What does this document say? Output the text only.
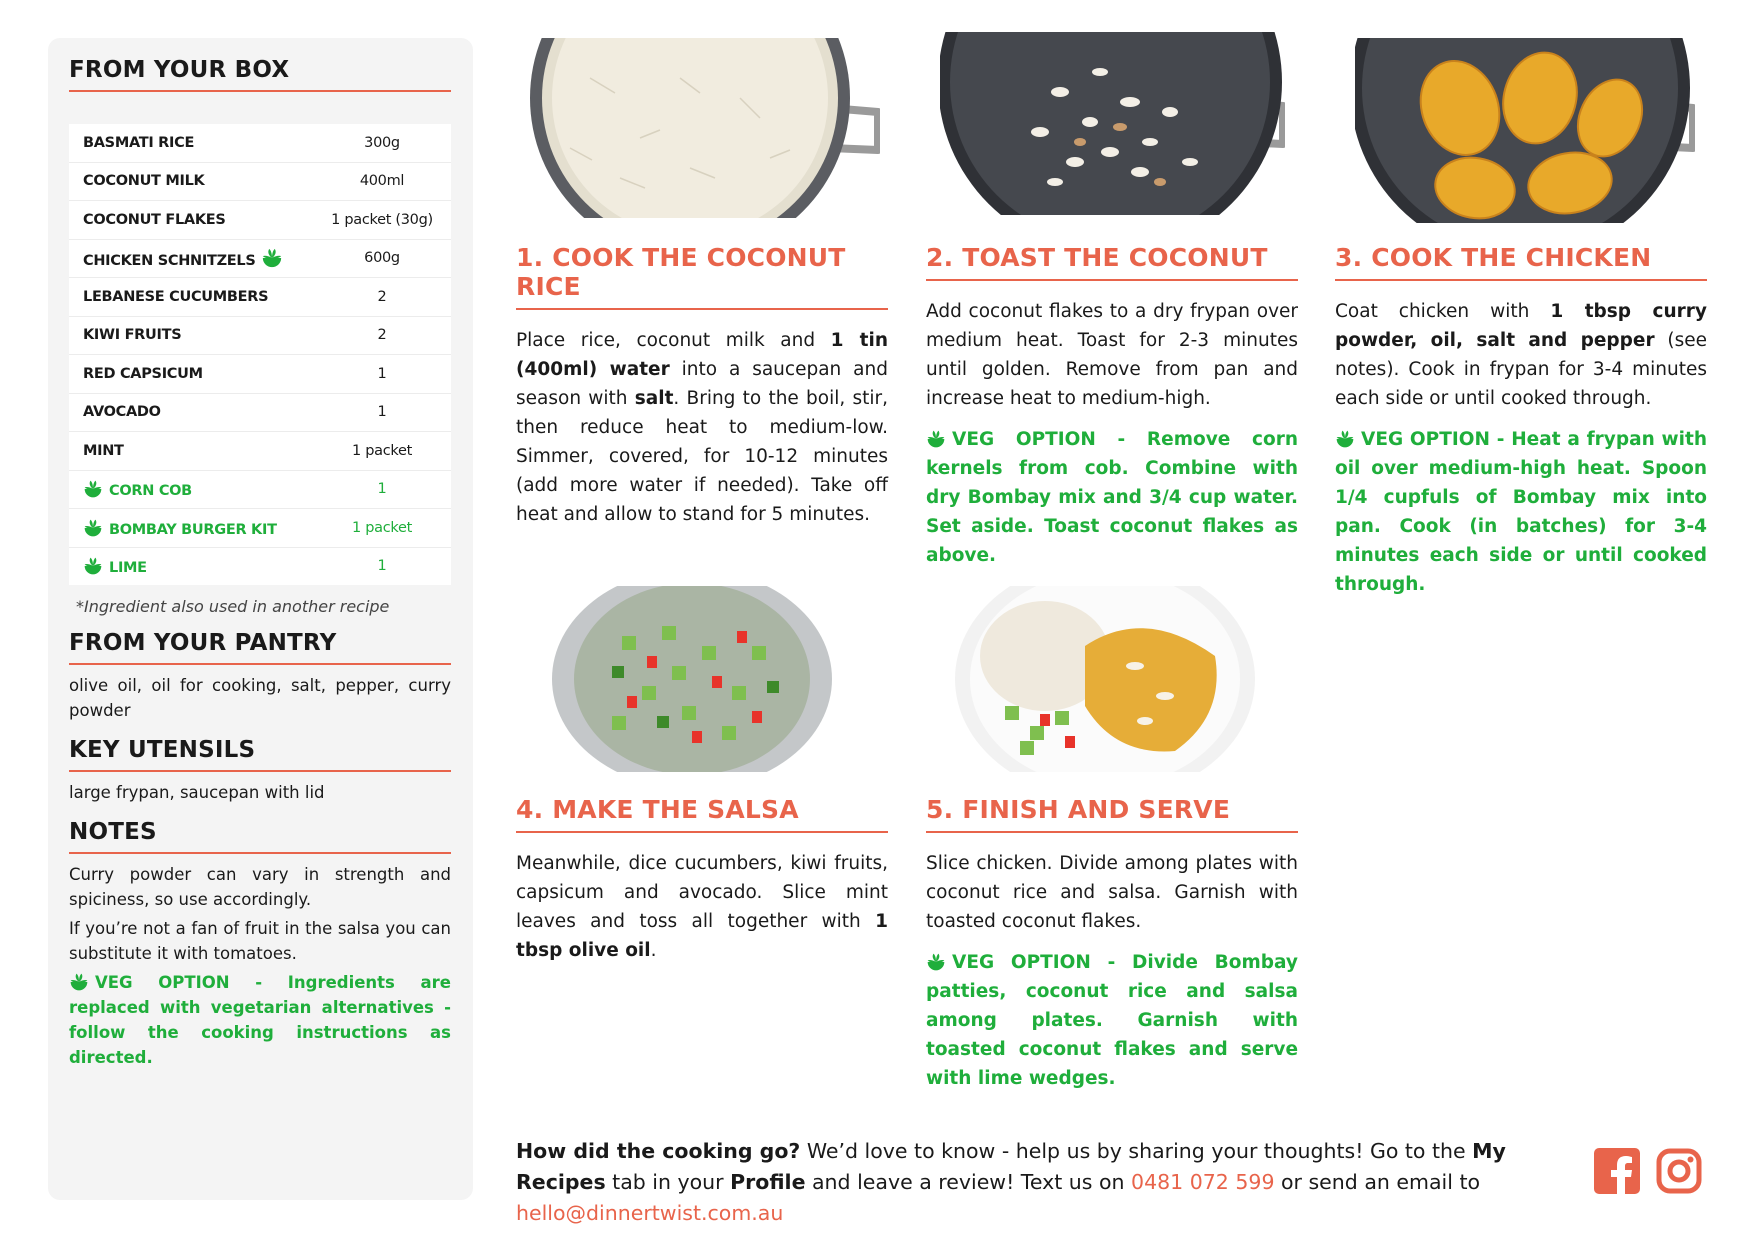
FROM YOUR BOX
BASMATI RICE	300g
COCONUT MILK	400ml
COCONUT FLAKES	1 packet (30g)
CHICKEN SCHNITZELS	600g
LEBANESE CUCUMBERS	2
KIWI FRUITS	2
RED CAPSICUM	1
AVOCADO	1
MINT	1 packet
CORN COB	1
BOMBAY BURGER KIT	1 packet
LIME	1
*Ingredient also used in another recipe
FROM YOUR PANTRY
olive oil, oil for cooking, salt, pepper, curry powder
KEY UTENSILS
large frypan, saucepan with lid
NOTES

Curry powder can vary in strength and spiciness, so use accordingly.

If you’re not a fan of fruit in the salsa you can substitute it with tomatoes.

VEG OPTION - Ingredients are replaced with vegetarian alternatives - follow the cooking instructions as directed.

1. COOK THE COCONUT RICE
Place rice, coconut milk and 1 tin (400ml) water into a saucepan and season with salt. Bring to the boil, stir, then reduce heat to medium-low. Simmer, covered, for 10-12 minutes (add more water if needed). Take off heat and allow to stand for 5 minutes.
2. TOAST THE COCONUT
Add coconut flakes to a dry frypan over medium heat. Toast for 2-3 minutes until golden. Remove from pan and increase heat to medium-high.
VEG OPTION - Remove corn kernels from cob. Combine with dry Bombay mix and 3/4 cup water. Set aside. Toast coconut flakes as above.
3. COOK THE CHICKEN
Coat chicken with 1 tbsp curry powder, oil, salt and pepper (see notes). Cook in frypan for 3-4 minutes each side or until cooked through.
VEG OPTION - Heat a frypan with oil over medium-high heat. Spoon 1/4 cupfuls of Bombay mix into pan. Cook (in batches) for 3-4 minutes each side or until cooked through.
4. MAKE THE SALSA
Meanwhile, dice cucumbers, kiwi fruits, capsicum and avocado. Slice mint leaves and toss all together with 1 tbsp olive oil.
5. FINISH AND SERVE
Slice chicken. Divide among plates with coconut rice and salsa. Garnish with toasted coconut flakes.
VEG OPTION - Divide Bombay patties, coconut rice and salsa among plates. Garnish with toasted coconut flakes and serve with lime wedges.
How did the cooking go? We’d love to know - help us by sharing your thoughts! Go to the My Recipes tab in your Profile and leave a review! Text us on 0481 072 599 or send an email to hello@dinnertwist.com.au
